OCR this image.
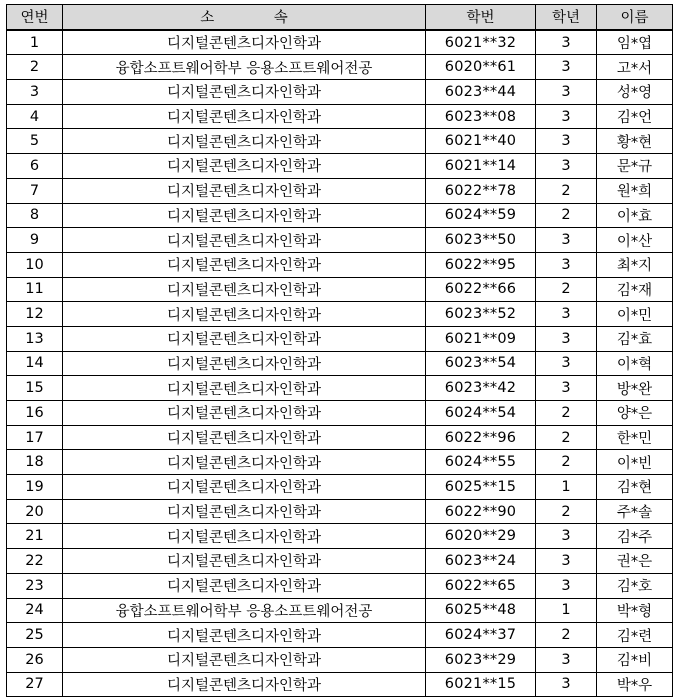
연번	소 속	학번	학년	이름
1	디지털콘텐츠디자인학과	6021**32	3	임*엽
2	융합소프트웨어학부 응용소프트웨어전공	6020**61	3	고*서
3	디지털콘텐츠디자인학과	6023**44	3	성*영
4	디지털콘텐츠디자인학과	6023**08	3	김*언
5	디지털콘텐츠디자인학과	6021**40	3	황*현
6	디지털콘텐츠디자인학과	6021**14	3	문*규
7	디지털콘텐츠디자인학과	6022**78	2	원*희
8	디지털콘텐츠디자인학과	6024**59	2	이*효
9	디지털콘텐츠디자인학과	6023**50	3	이*산
10	디지털콘텐츠디자인학과	6022**95	3	최*지
11	디지털콘텐츠디자인학과	6022**66	2	김*재
12	디지털콘텐츠디자인학과	6023**52	3	이*민
13	디지털콘텐츠디자인학과	6021**09	3	김*효
14	디지털콘텐츠디자인학과	6023**54	3	이*혁
15	디지털콘텐츠디자인학과	6023**42	3	방*완
16	디지털콘텐츠디자인학과	6024**54	2	양*은
17	디지털콘텐츠디자인학과	6022**96	2	한*민
18	디지털콘텐츠디자인학과	6024**55	2	이*빈
19	디지털콘텐츠디자인학과	6025**15	1	김*현
20	디지털콘텐츠디자인학과	6022**90	2	주*솔
21	디지털콘텐츠디자인학과	6020**29	3	김*주
22	디지털콘텐츠디자인학과	6023**24	3	권*은
23	디지털콘텐츠디자인학과	6022**65	3	김*호
24	융합소프트웨어학부 응용소프트웨어전공	6025**48	1	박*형
25	디지털콘텐츠디자인학과	6024**37	2	김*련
26	디지털콘텐츠디자인학과	6023**29	3	김*비
27	디지털콘텐츠디자인학과	6021**15	3	박*우
